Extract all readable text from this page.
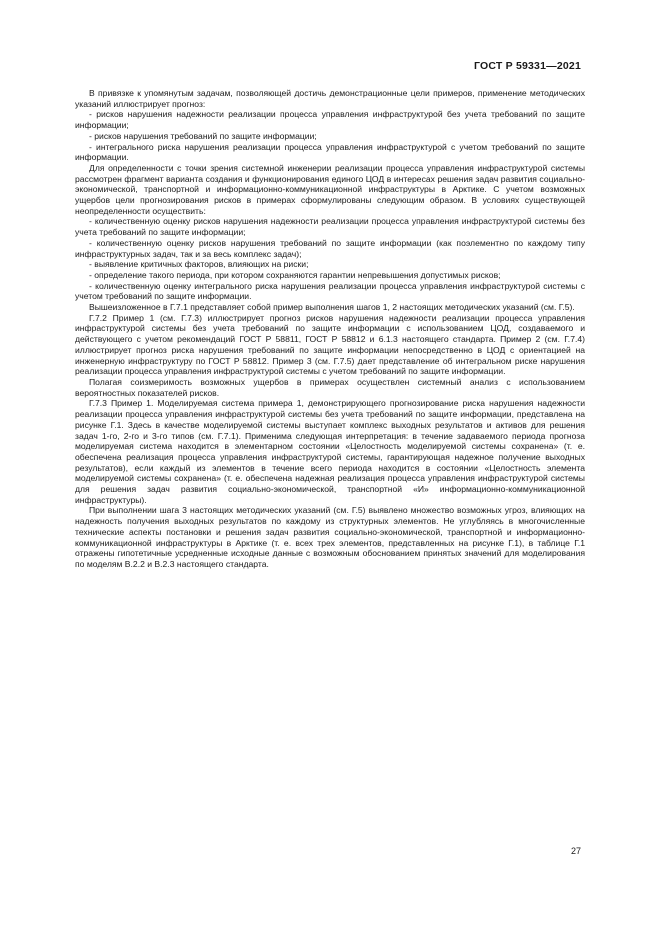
ГОСТ Р 59331—2021

В привязке к упомянутым задачам, позволяющей достичь демонстрационные цели примеров, применение методических указаний иллюстрирует прогноз:

- рисков нарушения надежности реализации процесса управления инфраструктурой без учета требований по защите информации;

- рисков нарушения требований по защите информации;

- интегрального риска нарушения реализации процесса управления инфраструктурой с учетом требований по защите информации.

Для определенности с точки зрения системной инженерии реализации процесса управления инфраструктурой системы рассмотрен фрагмент варианта создания и функционирования единого ЦОД в интересах решения задач развития социально-экономической, транспортной и информационно-коммуникационной инфраструктуры в Арктике. С учетом возможных ущербов цели прогнозирования рисков в примерах сформулированы следующим образом. В условиях существующей неопределенности осуществить:

- количественную оценку рисков нарушения надежности реализации процесса управления инфраструктурой системы без учета требований по защите информации;

- количественную оценку рисков нарушения требований по защите информации (как поэлементно по каждому типу инфраструктурных задач, так и за весь комплекс задач);

- выявление критичных факторов, влияющих на риски;

- определение такого периода, при котором сохраняются гарантии непревышения допустимых рисков;

- количественную оценку интегрального риска нарушения реализации процесса управления инфраструктурой системы с учетом требований по защите информации.

Вышеизложенное в Г.7.1 представляет собой пример выполнения шагов 1, 2 настоящих методических указаний (см. Г.5).

Г.7.2 Пример 1 (см. Г.7.3) иллюстрирует прогноз рисков нарушения надежности реализации процесса управления инфраструктурой системы без учета требований по защите информации с использованием ЦОД, создаваемого и действующего с учетом рекомендаций ГОСТ Р 58811, ГОСТ Р 58812 и 6.1.3 настоящего стандарта. Пример 2 (см. Г.7.4) иллюстрирует прогноз риска нарушения требований по защите информации непосредственно в ЦОД с ориентацией на инженерную инфраструктуру по ГОСТ Р 58812. Пример 3 (см. Г.7.5) дает представление об интегральном риске нарушения реализации процесса управления инфраструктурой системы с учетом требований по защите информации.

Полагая соизмеримость возможных ущербов в примерах осуществлен системный анализ с использованием вероятностных показателей рисков.

Г.7.3 Пример 1. Моделируемая система примера 1, демонстрирующего прогнозирование риска нарушения надежности реализации процесса управления инфраструктурой системы без учета требований по защите информации, представлена на рисунке Г.1. Здесь в качестве моделируемой системы выступает комплекс выходных результатов и активов для решения задач 1-го, 2-го и 3-го типов (см. Г.7.1). Применима следующая интерпретация: в течение задаваемого периода прогноза моделируемая система находится в элементарном состоянии «Целостность моделируемой системы сохранена» (т. е. обеспечена реализация процесса управления инфраструктурой системы, гарантирующая надежное получение выходных результатов), если каждый из элементов в течение всего периода находится в состоянии «Целостность элемента моделируемой системы сохранена» (т. е. обеспечена надежная реализация процесса управления инфраструктурой системы для решения задач развития социально-экономической, транспортной «И» информационно-коммуникационной инфраструктуры).

При выполнении шага 3 настоящих методических указаний (см. Г.5) выявлено множество возможных угроз, влияющих на надежность получения выходных результатов по каждому из структурных элементов. Не углубляясь в многочисленные технические аспекты постановки и решения задач развития социально-экономической, транспортной и информационно-коммуникационной инфраструктуры в Арктике (т. е. всех трех элементов, представленных на рисунке Г.1), в таблице Г.1 отражены гипотетичные усредненные исходные данные с возможным обоснованием принятых значений для моделирования по моделям В.2.2 и В.2.3 настоящего стандарта.

27
